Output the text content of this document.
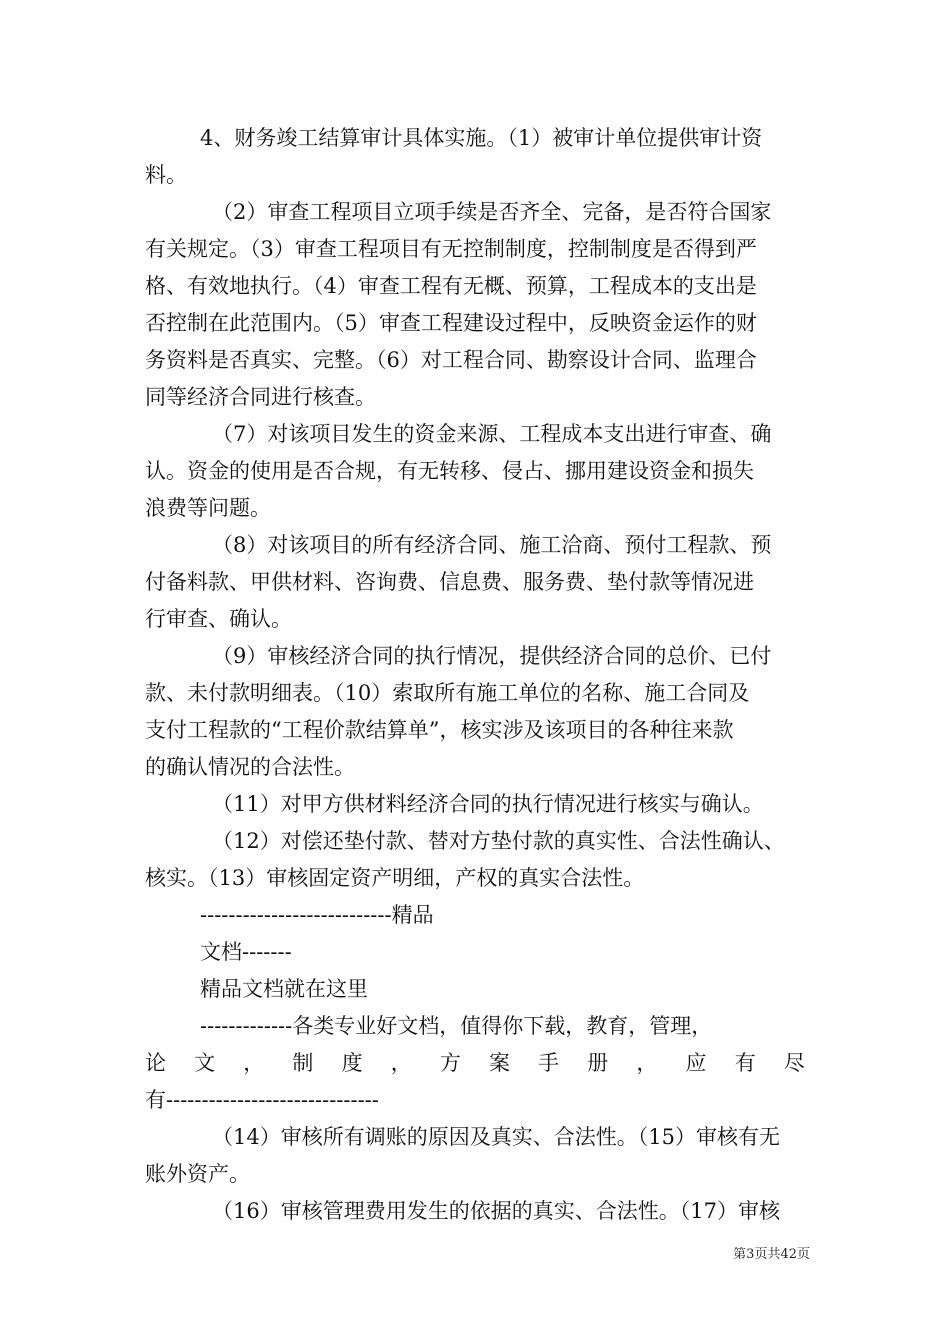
4、财务竣工结算审计具体实施。（1）被审计单位提供审计资
料。
（2）审查工程项目立项手续是否齐全、完备，是否符合国家
有关规定。（3）审查工程项目有无控制制度，控制制度是否得到严
格、有效地执行。（4）审查工程有无概、预算，工程成本的支出是
否控制在此范围内。（5）审查工程建设过程中，反映资金运作的财
务资料是否真实、完整。（6）对工程合同、勘察设计合同、监理合
同等经济合同进行核查。
（7）对该项目发生的资金来源、工程成本支出进行审查、确
认。资金的使用是否合规，有无转移、侵占、挪用建设资金和损失
浪费等问题。
（8）对该项目的所有经济合同、施工洽商、预付工程款、预
付备料款、甲供材料、咨询费、信息费、服务费、垫付款等情况进
行审查、确认。
（9）审核经济合同的执行情况，提供经济合同的总价、已付
款、未付款明细表。（10）索取所有施工单位的名称、施工合同及
支付工程款的“工程价款结算单”，核实涉及该项目的各种往来款
的确认情况的合法性。
（11）对甲方供材料经济合同的执行情况进行核实与确认。
（12）对偿还垫付款、替对方垫付款的真实性、合法性确认、
核实。（13）审核固定资产明细，产权的真实合法性。
---------------------------精品
文档-------
精品文档就在这里
-------------各类专业好文档，值得你下载，教育，管理，
论 文 ， 制 度 ， 方 案 手 册 ， 应 有 尽
有------------------------------
（14）审核所有调账的原因及真实、合法性。（15）审核有无
账外资产。
（16）审核管理费用发生的依据的真实、合法性。（17）审核
第3页共42页
